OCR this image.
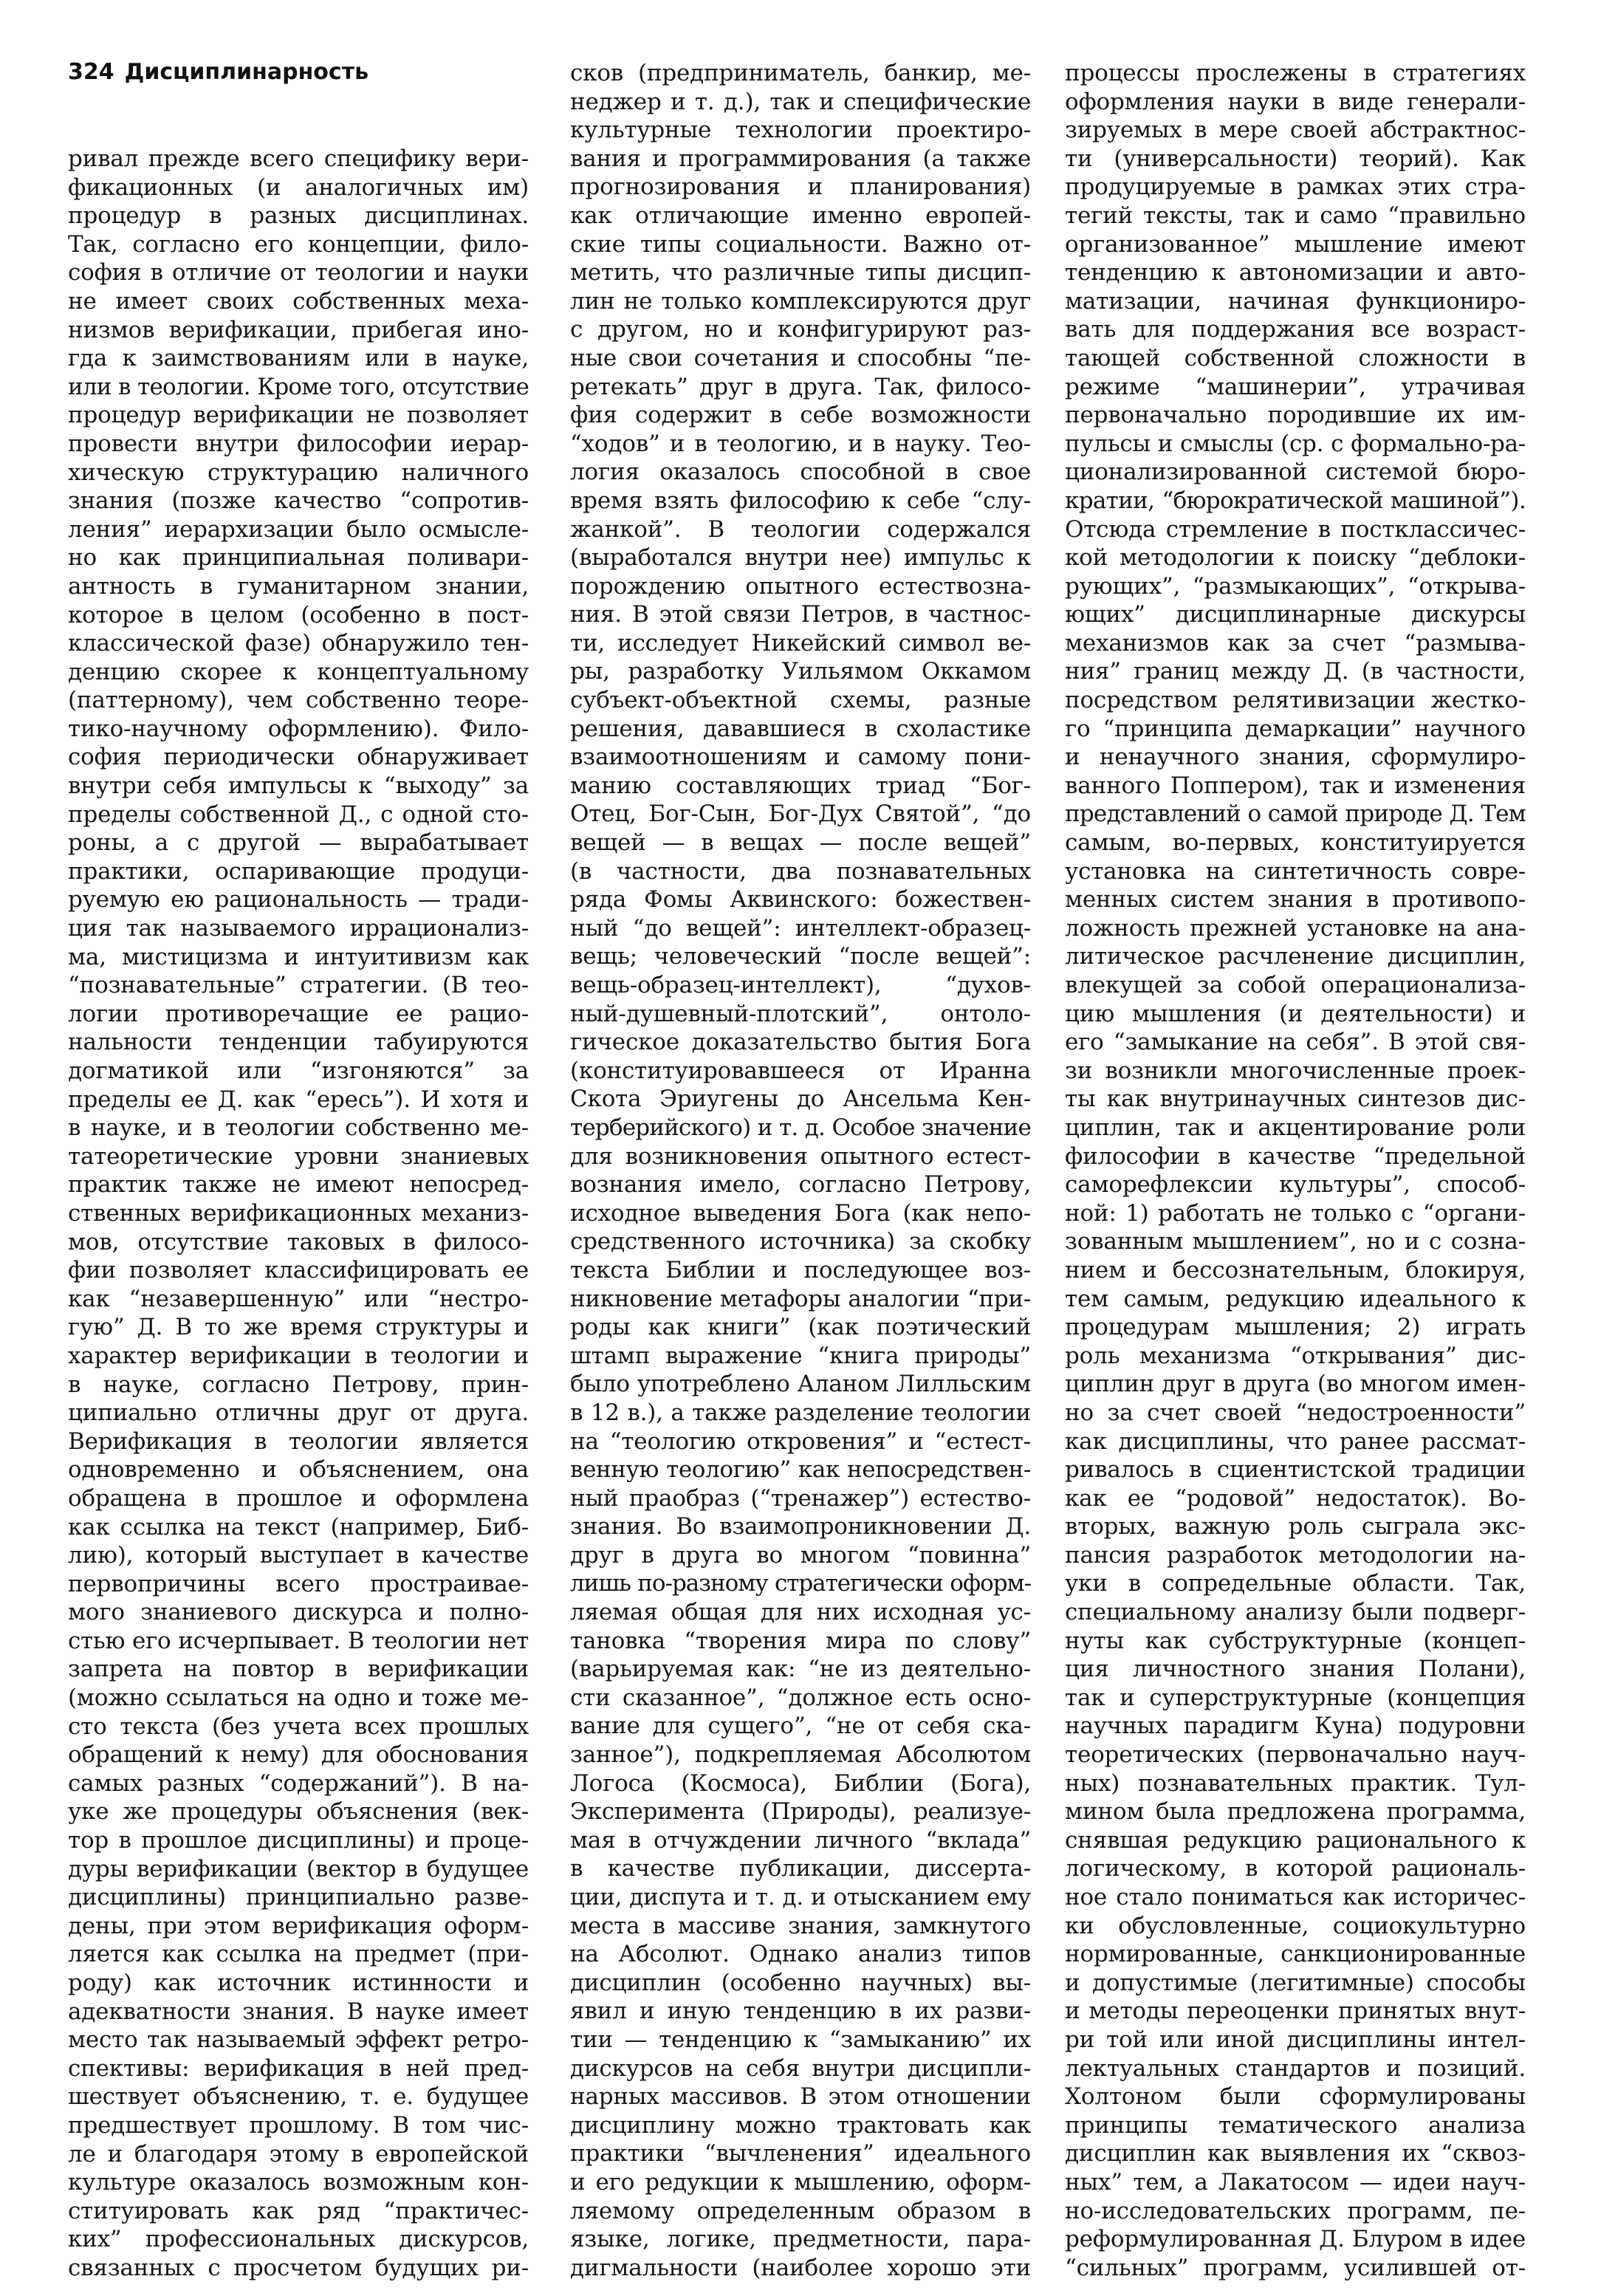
324 Дисциплинарность
ривал прежде всего специфику вери-
фикационных (и аналогичных им)
процедур в разных дисциплинах.
Так, согласно его концепции, фило-
софия в отличие от теологии и науки
не имеет своих собственных меха-
низмов верификации, прибегая ино-
гда к заимствованиям или в науке,
или в теологии. Кроме того, отсутствие
процедур верификации не позволяет
провести внутри философии иерар-
хическую структурацию наличного
знания (позже качество “сопротив-
ления” иерархизации было осмысле-
но как принципиальная поливари-
антность в гуманитарном знании,
которое в целом (особенно в пост-
классической фазе) обнаружило тен-
денцию скорее к концептуальному
(паттерному), чем собственно теоре-
тико-научному оформлению). Фило-
софия периодически обнаруживает
внутри себя импульсы к “выходу” за
пределы собственной Д., с одной сто-
роны, а с другой — вырабатывает
практики, оспаривающие продуци-
руемую ею рациональность — тради-
ция так называемого иррационализ-
ма, мистицизма и интуитивизм как
“познавательные” стратегии. (В тео-
логии противоречащие ее рацио-
нальности тенденции табуируются
догматикой или “изгоняются” за
пределы ее Д. как “ересь”). И хотя и
в науке, и в теологии собственно ме-
татеоретические уровни знаниевых
практик также не имеют непосред-
ственных верификационных механиз-
мов, отсутствие таковых в филосо-
фии позволяет классифицировать ее
как “незавершенную” или “нестро-
гую” Д. В то же время структуры и
характер верификации в теологии и
в науке, согласно Петрову, прин-
ципиально отличны друг от друга.
Верификация в теологии является
одновременно и объяснением, она
обращена в прошлое и оформлена
как ссылка на текст (например, Биб-
лию), который выступает в качестве
первопричины всего простраивае-
мого знаниевого дискурса и полно-
стью его исчерпывает. В теологии нет
запрета на повтор в верификации
(можно ссылаться на одно и тоже ме-
сто текста (без учета всех прошлых
обращений к нему) для обоснования
самых разных “содержаний”). В на-
уке же процедуры объяснения (век-
тор в прошлое дисциплины) и проце-
дуры верификации (вектор в будущее
дисциплины) принципиально разве-
дены, при этом верификация оформ-
ляется как ссылка на предмет (при-
роду) как источник истинности и
адекватности знания. В науке имеет
место так называемый эффект ретро-
спективы: верификация в ней пред-
шествует объяснению, т. е. будущее
предшествует прошлому. В том чис-
ле и благодаря этому в европейской
культуре оказалось возможным кон-
ституировать как ряд “практичес-
ких” профессиональных дискурсов,
связанных с просчетом будущих ри-
сков (предприниматель, банкир, ме-
неджер и т. д.), так и специфические
культурные технологии проектиро-
вания и программирования (а также
прогнозирования и планирования)
как отличающие именно европей-
ские типы социальности. Важно от-
метить, что различные типы дисцип-
лин не только комплексируются друг
с другом, но и конфигурируют раз-
ные свои сочетания и способны “пе-
ретекать” друг в друга. Так, филосо-
фия содержит в себе возможности
“ходов” и в теологию, и в науку. Тео-
логия оказалось способной в свое
время взять философию к себе “слу-
жанкой”. В теологии содержался
(выработался внутри нее) импульс к
порождению опытного естествозна-
ния. В этой связи Петров, в частнос-
ти, исследует Никейский символ ве-
ры, разработку Уильямом Оккамом
субъект-объектной схемы, разные
решения, дававшиеся в схоластике
взаимоотношениям и самому пони-
манию составляющих триад “Бог-
Отец, Бог-Сын, Бог-Дух Святой”, “до
вещей — в вещах — после вещей”
(в частности, два познавательных
ряда Фомы Аквинского: божествен-
ный “до вещей”: интеллект-образец-
вещь; человеческий “после вещей”:
вещь-образец-интеллект), “духов-
ный-душевный-плотский”, онтоло-
гическое доказательство бытия Бога
(конституировавшееся от Иранна
Скота Эриугены до Ансельма Кен-
терберийского) и т. д. Особое значение
для возникновения опытного естест-
вознания имело, согласно Петрову,
исходное выведения Бога (как непо-
средственного источника) за скобку
текста Библии и последующее воз-
никновение метафоры аналогии “при-
роды как книги” (как поэтический
штамп выражение “книга природы”
было употреблено Аланом Лилльским
в 12 в.), а также разделение теологии
на “теологию откровения” и “естест-
венную теологию” как непосредствен-
ный праобраз (“тренажер”) естество-
знания. Во взаимопроникновении Д.
друг в друга во многом “повинна”
лишь по-разному стратегически оформ-
ляемая общая для них исходная ус-
тановка “творения мира по слову”
(варьируемая как: “не из деятельно-
сти сказанное”, “должное есть осно-
вание для сущего”, “не от себя ска-
занное”), подкрепляемая Абсолютом
Логоса (Космоса), Библии (Бога),
Эксперимента (Природы), реализуе-
мая в отчуждении личного “вклада”
в качестве публикации, диссерта-
ции, диспута и т. д. и отысканием ему
места в массиве знания, замкнутого
на Абсолют. Однако анализ типов
дисциплин (особенно научных) вы-
явил и иную тенденцию в их разви-
тии — тенденцию к “замыканию” их
дискурсов на себя внутри дисципли-
нарных массивов. В этом отношении
дисциплину можно трактовать как
практики “вычленения” идеального
и его редукции к мышлению, оформ-
ляемому определенным образом в
языке, логике, предметности, пара-
дигмальности (наиболее хорошо эти
процессы прослежены в стратегиях
оформления науки в виде генерали-
зируемых в мере своей абстрактнос-
ти (универсальности) теорий). Как
продуцируемые в рамках этих стра-
тегий тексты, так и само “правильно
организованное” мышление имеют
тенденцию к автономизации и авто-
матизации, начиная функциониро-
вать для поддержания все возраст-
тающей собственной сложности в
режиме “машинерии”, утрачивая
первоначально породившие их им-
пульсы и смыслы (ср. с формально-ра-
ционализированной системой бюро-
кратии, “бюрократической машиной”).
Отсюда стремление в постклассичес-
кой методологии к поиску “деблоки-
рующих”, “размыкающих”, “открыва-
ющих” дисциплинарные дискурсы
механизмов как за счет “размыва-
ния” границ между Д. (в частности,
посредством релятивизации жестко-
го “принципа демаркации” научного
и ненаучного знания, сформулиро-
ванного Поппером), так и изменения
представлений о самой природе Д. Тем
самым, во-первых, конституируется
установка на синтетичность совре-
менных систем знания в противопо-
ложность прежней установке на ана-
литическое расчленение дисциплин,
влекущей за собой операционализа-
цию мышления (и деятельности) и
его “замыкание на себя”. В этой свя-
зи возникли многочисленные проек-
ты как внутринаучных синтезов дис-
циплин, так и акцентирование роли
философии в качестве “предельной
саморефлексии культуры”, способ-
ной: 1) работать не только с “органи-
зованным мышлением”, но и с созна-
нием и бессознательным, блокируя,
тем самым, редукцию идеального к
процедурам мышления; 2) играть
роль механизма “открывания” дис-
циплин друг в друга (во многом имен-
но за счет своей “недостроенности”
как дисциплины, что ранее рассмат-
ривалось в сциентистской традиции
как ее “родовой” недостаток). Во-
вторых, важную роль сыграла экс-
пансия разработок методологии на-
уки в сопредельные области. Так,
специальному анализу были подверг-
нуты как субструктурные (концеп-
ция личностного знания Полани),
так и суперструктурные (концепция
научных парадигм Куна) подуровни
теоретических (первоначально науч-
ных) познавательных практик. Тул-
мином была предложена программа,
снявшая редукцию рационального к
логическому, в которой рациональ-
ное стало пониматься как историчес-
ки обусловленные, социокультурно
нормированные, санкционированные
и допустимые (легитимные) способы
и методы переоценки принятых внут-
ри той или иной дисциплины интел-
лектуальных стандартов и позиций.
Холтоном были сформулированы
принципы тематического анализа
дисциплин как выявления их “сквоз-
ных” тем, а Лакатосом — идеи науч-
но-исследовательских программ, пе-
реформулированная Д. Блуром в идее
“сильных” программ, усилившей от-
